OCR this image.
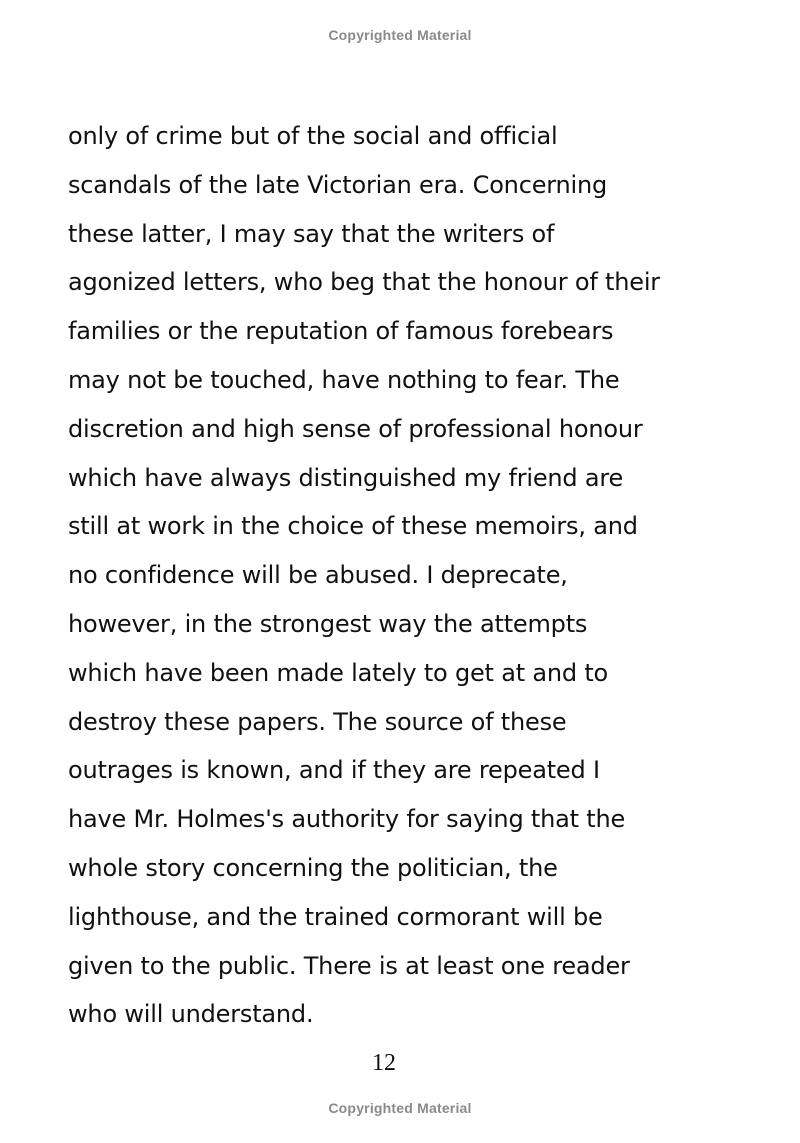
Copyrighted Material
only of crime but of the social and official
scandals of the late Victorian era. Concerning
these latter, I may say that the writers of
agonized letters, who beg that the honour of their
families or the reputation of famous forebears
may not be touched, have nothing to fear. The
discretion and high sense of professional honour
which have always distinguished my friend are
still at work in the choice of these memoirs, and
no confidence will be abused. I deprecate,
however, in the strongest way the attempts
which have been made lately to get at and to
destroy these papers. The source of these
outrages is known, and if they are repeated I
have Mr. Holmes's authority for saying that the
whole story concerning the politician, the
lighthouse, and the trained cormorant will be
given to the public. There is at least one reader
who will understand.
12
Copyrighted Material
